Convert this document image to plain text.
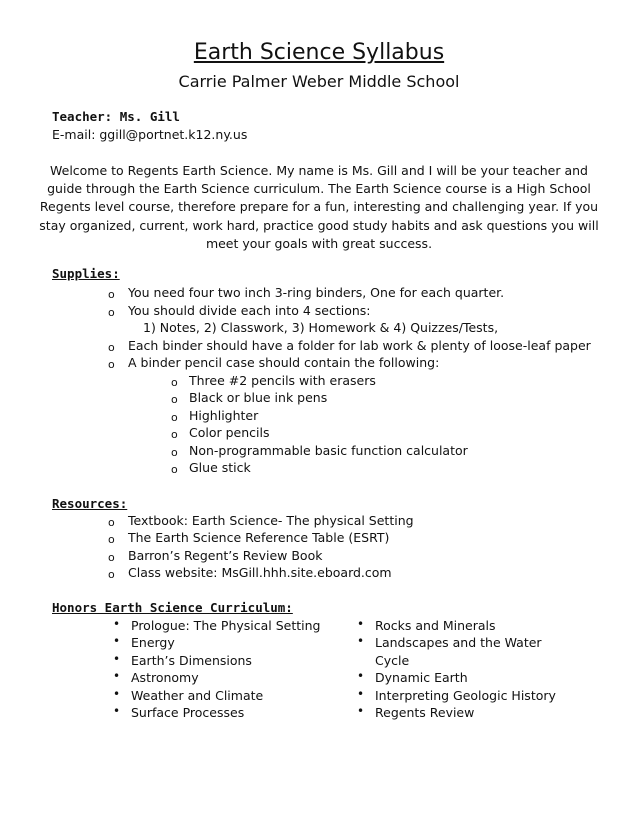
Earth Science Syllabus
Carrie Palmer Weber Middle School
Teacher: Ms. Gill
E-mail: ggill@portnet.k12.ny.us
Welcome to Regents Earth Science. My name is Ms. Gill and I will be your teacher and
guide through the Earth Science curriculum. The Earth Science course is a High School
Regents level course, therefore prepare for a fun, interesting and challenging year. If you
stay organized, current, work hard, practice good study habits and ask questions you will
meet your goals with great success.
Supplies:
o You need four two inch 3-ring binders, One for each quarter.
o You should divide each into 4 sections:
1) Notes, 2) Classwork, 3) Homework & 4) Quizzes/Tests,
o Each binder should have a folder for lab work & plenty of loose-leaf paper
o A binder pencil case should contain the following:
o Three #2 pencils with erasers
o Black or blue ink pens
o Highlighter
o Color pencils
o Non-programmable basic function calculator
o Glue stick
Resources:
o Textbook: Earth Science- The physical Setting
o The Earth Science Reference Table (ESRT)
o Barron’s Regent’s Review Book
o Class website: MsGill.hhh.site.eboard.com
Honors Earth Science Curriculum:
• Prologue: The Physical Setting
• Energy
• Earth’s Dimensions
• Astronomy
• Weather and Climate
• Surface Processes
• Rocks and Minerals
• Landscapes and the Water
Cycle
• Dynamic Earth
• Interpreting Geologic History
• Regents Review
